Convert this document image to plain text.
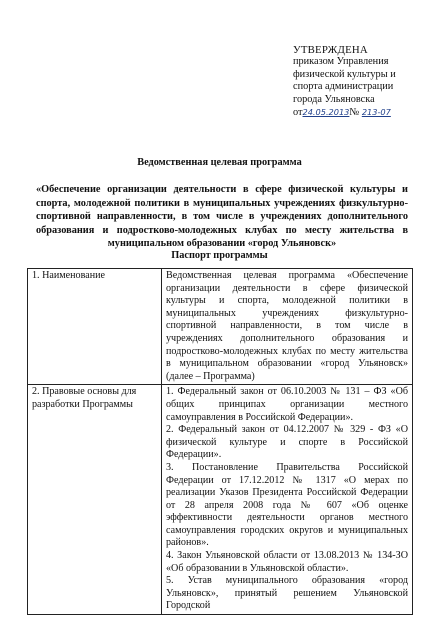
УТВЕРЖДЕНА
приказом Управления
физической культуры и
спорта администрации
города Ульяновска
от24.05.2013№ 213-07
Ведомственная целевая программа
«Обеспечение организации деятельности в сфере физической культуры и спорта, молодежной политики в муниципальных учреждениях физкультурно-спортивной направленности, в том числе в учреждениях дополнительного образования и подростково-молодежных клубах по месту жительства в муниципальном образовании «город Ульяновск»
Паспорт программы
1. Наименование	Ведомственная целевая программа «Обеспечение организации деятельности в сфере физической культуры и спорта, молодежной политики в муниципальных учреждениях физкультурно-спортивной направленности, в том числе в учреждениях дополнительного образования и подростково-молодежных клубах по месту жительства в муниципальном образовании «город Ульяновск» (далее – Программа)

2. Правовые основы для разработки Программы	1. Федеральный закон от 06.10.2003 № 131 – ФЗ «Об общих принципах организации местного самоуправления в Российской Федерации».
2. Федеральный закон от 04.12.2007 № 329 - ФЗ «О физической культуре и спорте в Российской Федерации».
3. Постановление Правительства Российской Федерации от 17.12.2012 № 1317 «О мерах по реализации Указов Президента Российской Федерации от 28 апреля 2008 года № 607 «Об оценке эффективности деятельности органов местного самоуправления городских округов и муниципальных районов».
4. Закон Ульяновской области от 13.08.2013 № 134-ЗО «Об образовании в Ульяновской области».
5. Устав муниципального образования «город Ульяновск», принятый решением Ульяновской Городской
